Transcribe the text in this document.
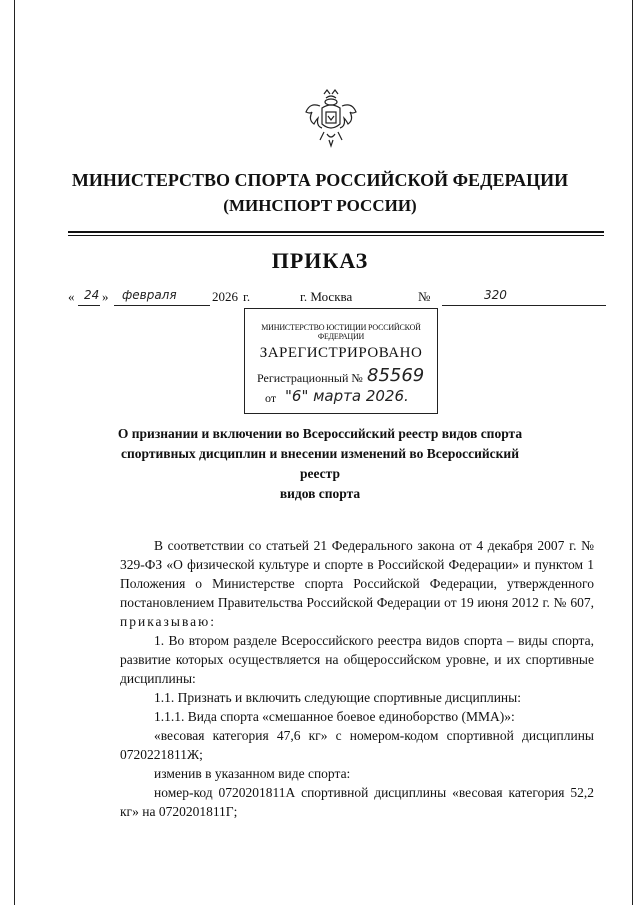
МИНИСТЕРСТВО СПОРТА РОССИЙСКОЙ ФЕДЕРАЦИИ
(МИНСПОРТ РОССИИ)
ПРИКАЗ
« 24 » февраля	2026 г.	г. Москва	№	320
МИНИСТЕРСТВО ЮСТИЦИИ РОССИЙСКОЙ ФЕДЕРАЦИИ
ЗАРЕГИСТРИРОВАНО
Регистрационный № 85569
от "6" марта 2026.
О признании и включении во Всероссийский реестр видов спорта
спортивных дисциплин и внесении изменений во Всероссийский реестр
видов спорта

В соответствии со статьей 21 Федерального закона от 4 декабря 2007 г. № 329-ФЗ «О физической культуре и спорте в Российской Федерации» и пунктом 1 Положения о Министерстве спорта Российской Федерации, утвержденного постановлением Правительства Российской Федерации от 19 июня 2012 г. № 607, приказываю:

1. Во втором разделе Всероссийского реестра видов спорта – виды спорта, развитие которых осуществляется на общероссийском уровне, и их спортивные дисциплины:

1.1. Признать и включить следующие спортивные дисциплины:

1.1.1. Вида спорта «смешанное боевое единоборство (ММА)»:

«весовая категория 47,6 кг» с номером-кодом спортивной дисциплины 0720221811Ж;

изменив в указанном виде спорта:

номер-код 0720201811А спортивной дисциплины «весовая категория 52,2 кг» на 0720201811Г;
